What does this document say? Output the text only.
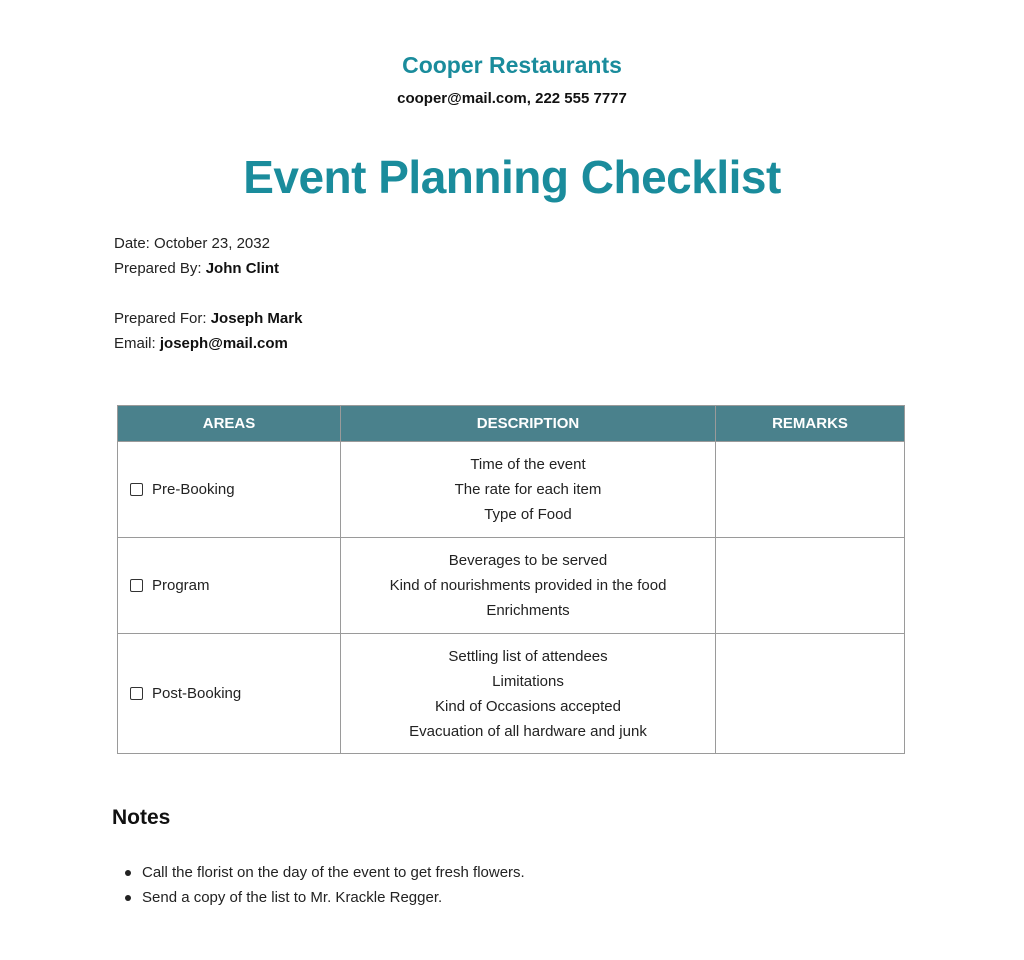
Cooper Restaurants
cooper@mail.com, 222 555 7777
Event Planning Checklist
Date: October 23, 2032
Prepared By: John Clint
Prepared For: Joseph Mark
Email: joseph@mail.com
AREAS	DESCRIPTION	REMARKS

Pre-Booking	Time of the event
The rate for each item
Type of Food	

Program	Beverages to be served
Kind of nourishments provided in the food
Enrichments	

Post-Booking	Settling list of attendees
Limitations
Kind of Occasions accepted
Evacuation of all hardware and junk	

Notes
Call the florist on the day of the event to get fresh flowers.
Send a copy of the list to Mr. Krackle Regger.
